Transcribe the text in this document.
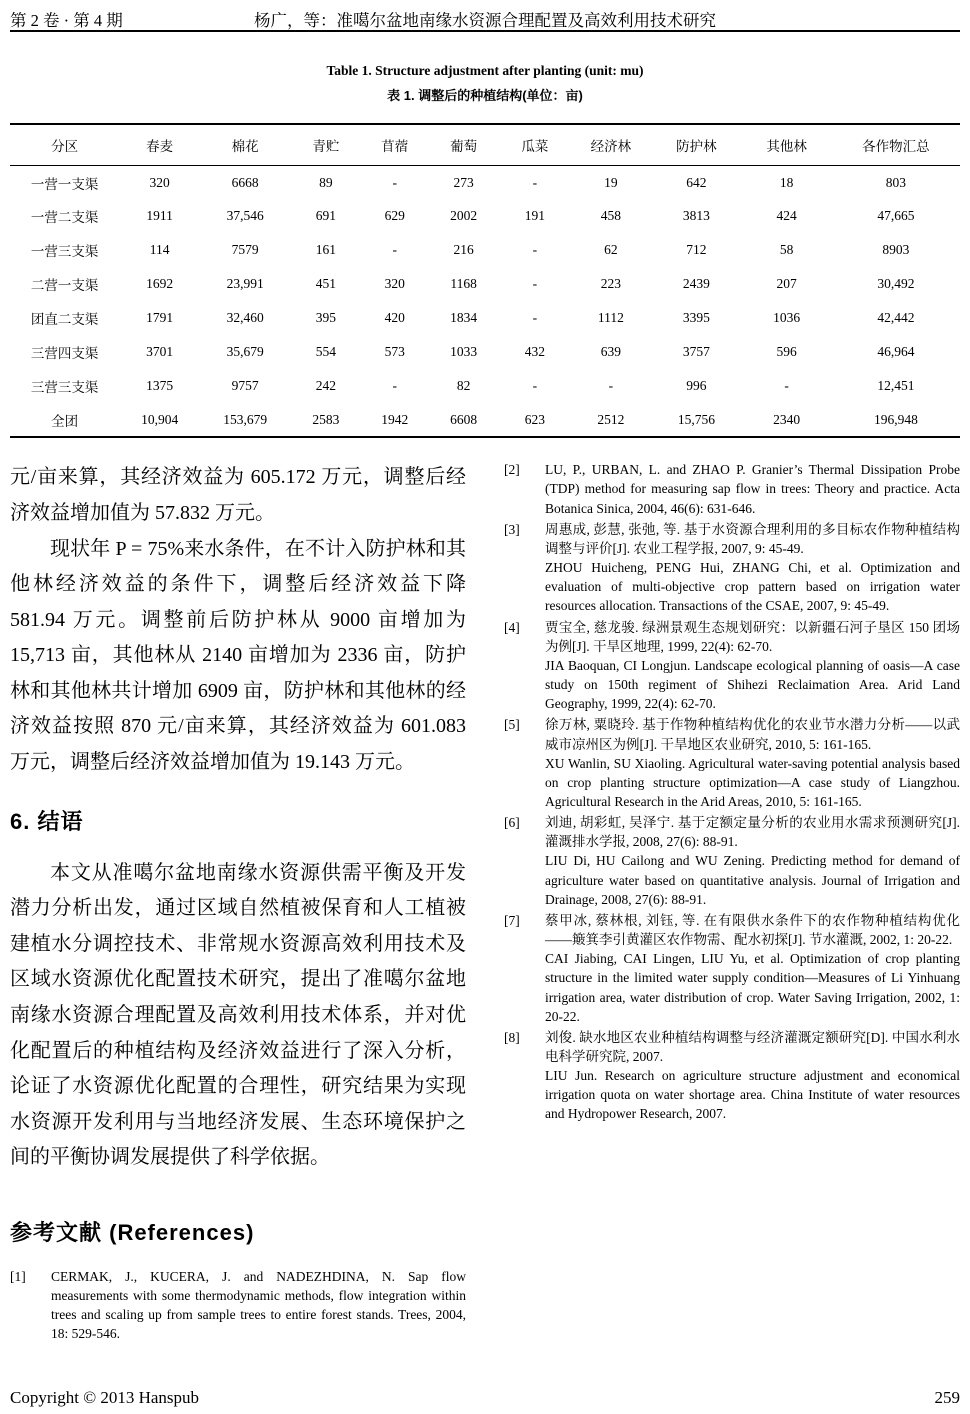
第 2 卷 · 第 4 期	杨广，等：准噶尔盆地南缘水资源合理配置及高效利用技术研究
Table 1. Structure adjustment after planting (unit: mu)
表 1. 调整后的种植结构(单位：亩)
分区	春麦	棉花	青贮	苜蓿	葡萄	瓜菜	经济林	防护林	其他林	各作物汇总
一营一支渠	320	6668	89	-	273	-	19	642	18	803
一营二支渠	1911	37,546	691	629	2002	191	458	3813	424	47,665
一营三支渠	114	7579	161	-	216	-	62	712	58	8903
二营一支渠	1692	23,991	451	320	1168	-	223	2439	207	30,492
团直二支渠	1791	32,460	395	420	1834	-	1112	3395	1036	42,442
三营四支渠	3701	35,679	554	573	1033	432	639	3757	596	46,964
三营三支渠	1375	9757	242	-	82	-	-	996	-	12,451
全团	10,904	153,679	2583	1942	6608	623	2512	15,756	2340	196,948

元/亩来算，其经济效益为 605.172 万元，调整后经济效益增加值为 57.832 万元。

现状年 P = 75%来水条件，在不计入防护林和其他林经济效益的条件下，调整后经济效益下降 581.94 万元。调整前后防护林从 9000 亩增加为 15,713 亩，其他林从 2140 亩增加为 2336 亩，防护林和其他林共计增加 6909 亩，防护林和其他林的经济效益按照 870 元/亩来算，其经济效益为 601.083 万元，调整后经济效益增加值为 19.143 万元。

6. 结语

本文从准噶尔盆地南缘水资源供需平衡及开发潜力分析出发，通过区域自然植被保育和人工植被建植水分调控技术、非常规水资源高效利用技术及区域水资源优化配置技术研究，提出了准噶尔盆地南缘水资源合理配置及高效利用技术体系，并对优化配置后的种植结构及经济效益进行了深入分析，论证了水资源优化配置的合理性，研究结果为实现水资源开发利用与当地经济发展、生态环境保护之间的平衡协调发展提供了科学依据。

参考文献 (References)
[1]	CERMAK, J., KUCERA, J. and NADEZHDINA, N. Sap flow measurements with some thermodynamic methods, flow integration within trees and scaling up from sample trees to entire forest stands. Trees, 2004, 18: 529-546.

[2]	LU, P., URBAN, L. and ZHAO P. Granier’s Thermal Dissipation Probe (TDP) method for measuring sap flow in trees: Theory and practice. Acta Botanica Sinica, 2004, 46(6): 631-646.

[3]	周惠成, 彭慧, 张弛, 等. 基于水资源合理利用的多目标农作物种植结构调整与评价[J]. 农业工程学报, 2007, 9: 45-49.

ZHOU Huicheng, PENG Hui, ZHANG Chi, et al. Optimization and evaluation of multi-objective crop pattern based on irrigation water resources allocation. Transactions of the CSAE, 2007, 9: 45-49.

[4]	贾宝全, 慈龙骏. 绿洲景观生态规划研究：以新疆石河子垦区 150 团场为例[J]. 干旱区地理, 1999, 22(4): 62-70.

JIA Baoquan, CI Longjun. Landscape ecological planning of oasis—A case study on 150th regiment of Shihezi Reclaimation Area. Arid Land Geography, 1999, 22(4): 62-70.

[5]	徐万林, 粟晓玲. 基于作物种植结构优化的农业节水潜力分析——以武威市凉州区为例[J]. 干旱地区农业研究, 2010, 5: 161-165.

XU Wanlin, SU Xiaoling. Agricultural water-saving potential analysis based on crop planting structure optimization—A case study of Liangzhou. Agricultural Research in the Arid Areas, 2010, 5: 161-165.

[6]	刘迪, 胡彩虹, 吴泽宁. 基于定额定量分析的农业用水需求预测研究[J]. 灌溉排水学报, 2008, 27(6): 88-91.

LIU Di, HU Cailong and WU Zening. Predicting method for demand of agriculture water based on quantitative analysis. Journal of Irrigation and Drainage, 2008, 27(6): 88-91.

[7]	蔡甲冰, 蔡林根, 刘钰, 等. 在有限供水条件下的农作物种植结构优化——簸箕李引黄灌区农作物需、配水初探[J]. 节水灌溉, 2002, 1: 20-22.

CAI Jiabing, CAI Lingen, LIU Yu, et al. Optimization of crop planting structure in the limited water supply condition—Measures of Li Yinhuang irrigation area, water distribution of crop. Water Saving Irrigation, 2002, 1: 20-22.

[8]	刘俊. 缺水地区农业种植结构调整与经济灌溉定额研究[D]. 中国水利水电科学研究院, 2007.

LIU Jun. Research on agriculture structure adjustment and economical irrigation quota on water shortage area. China Institute of water resources and Hydropower Research, 2007.

Copyright © 2013 Hanspub	259
